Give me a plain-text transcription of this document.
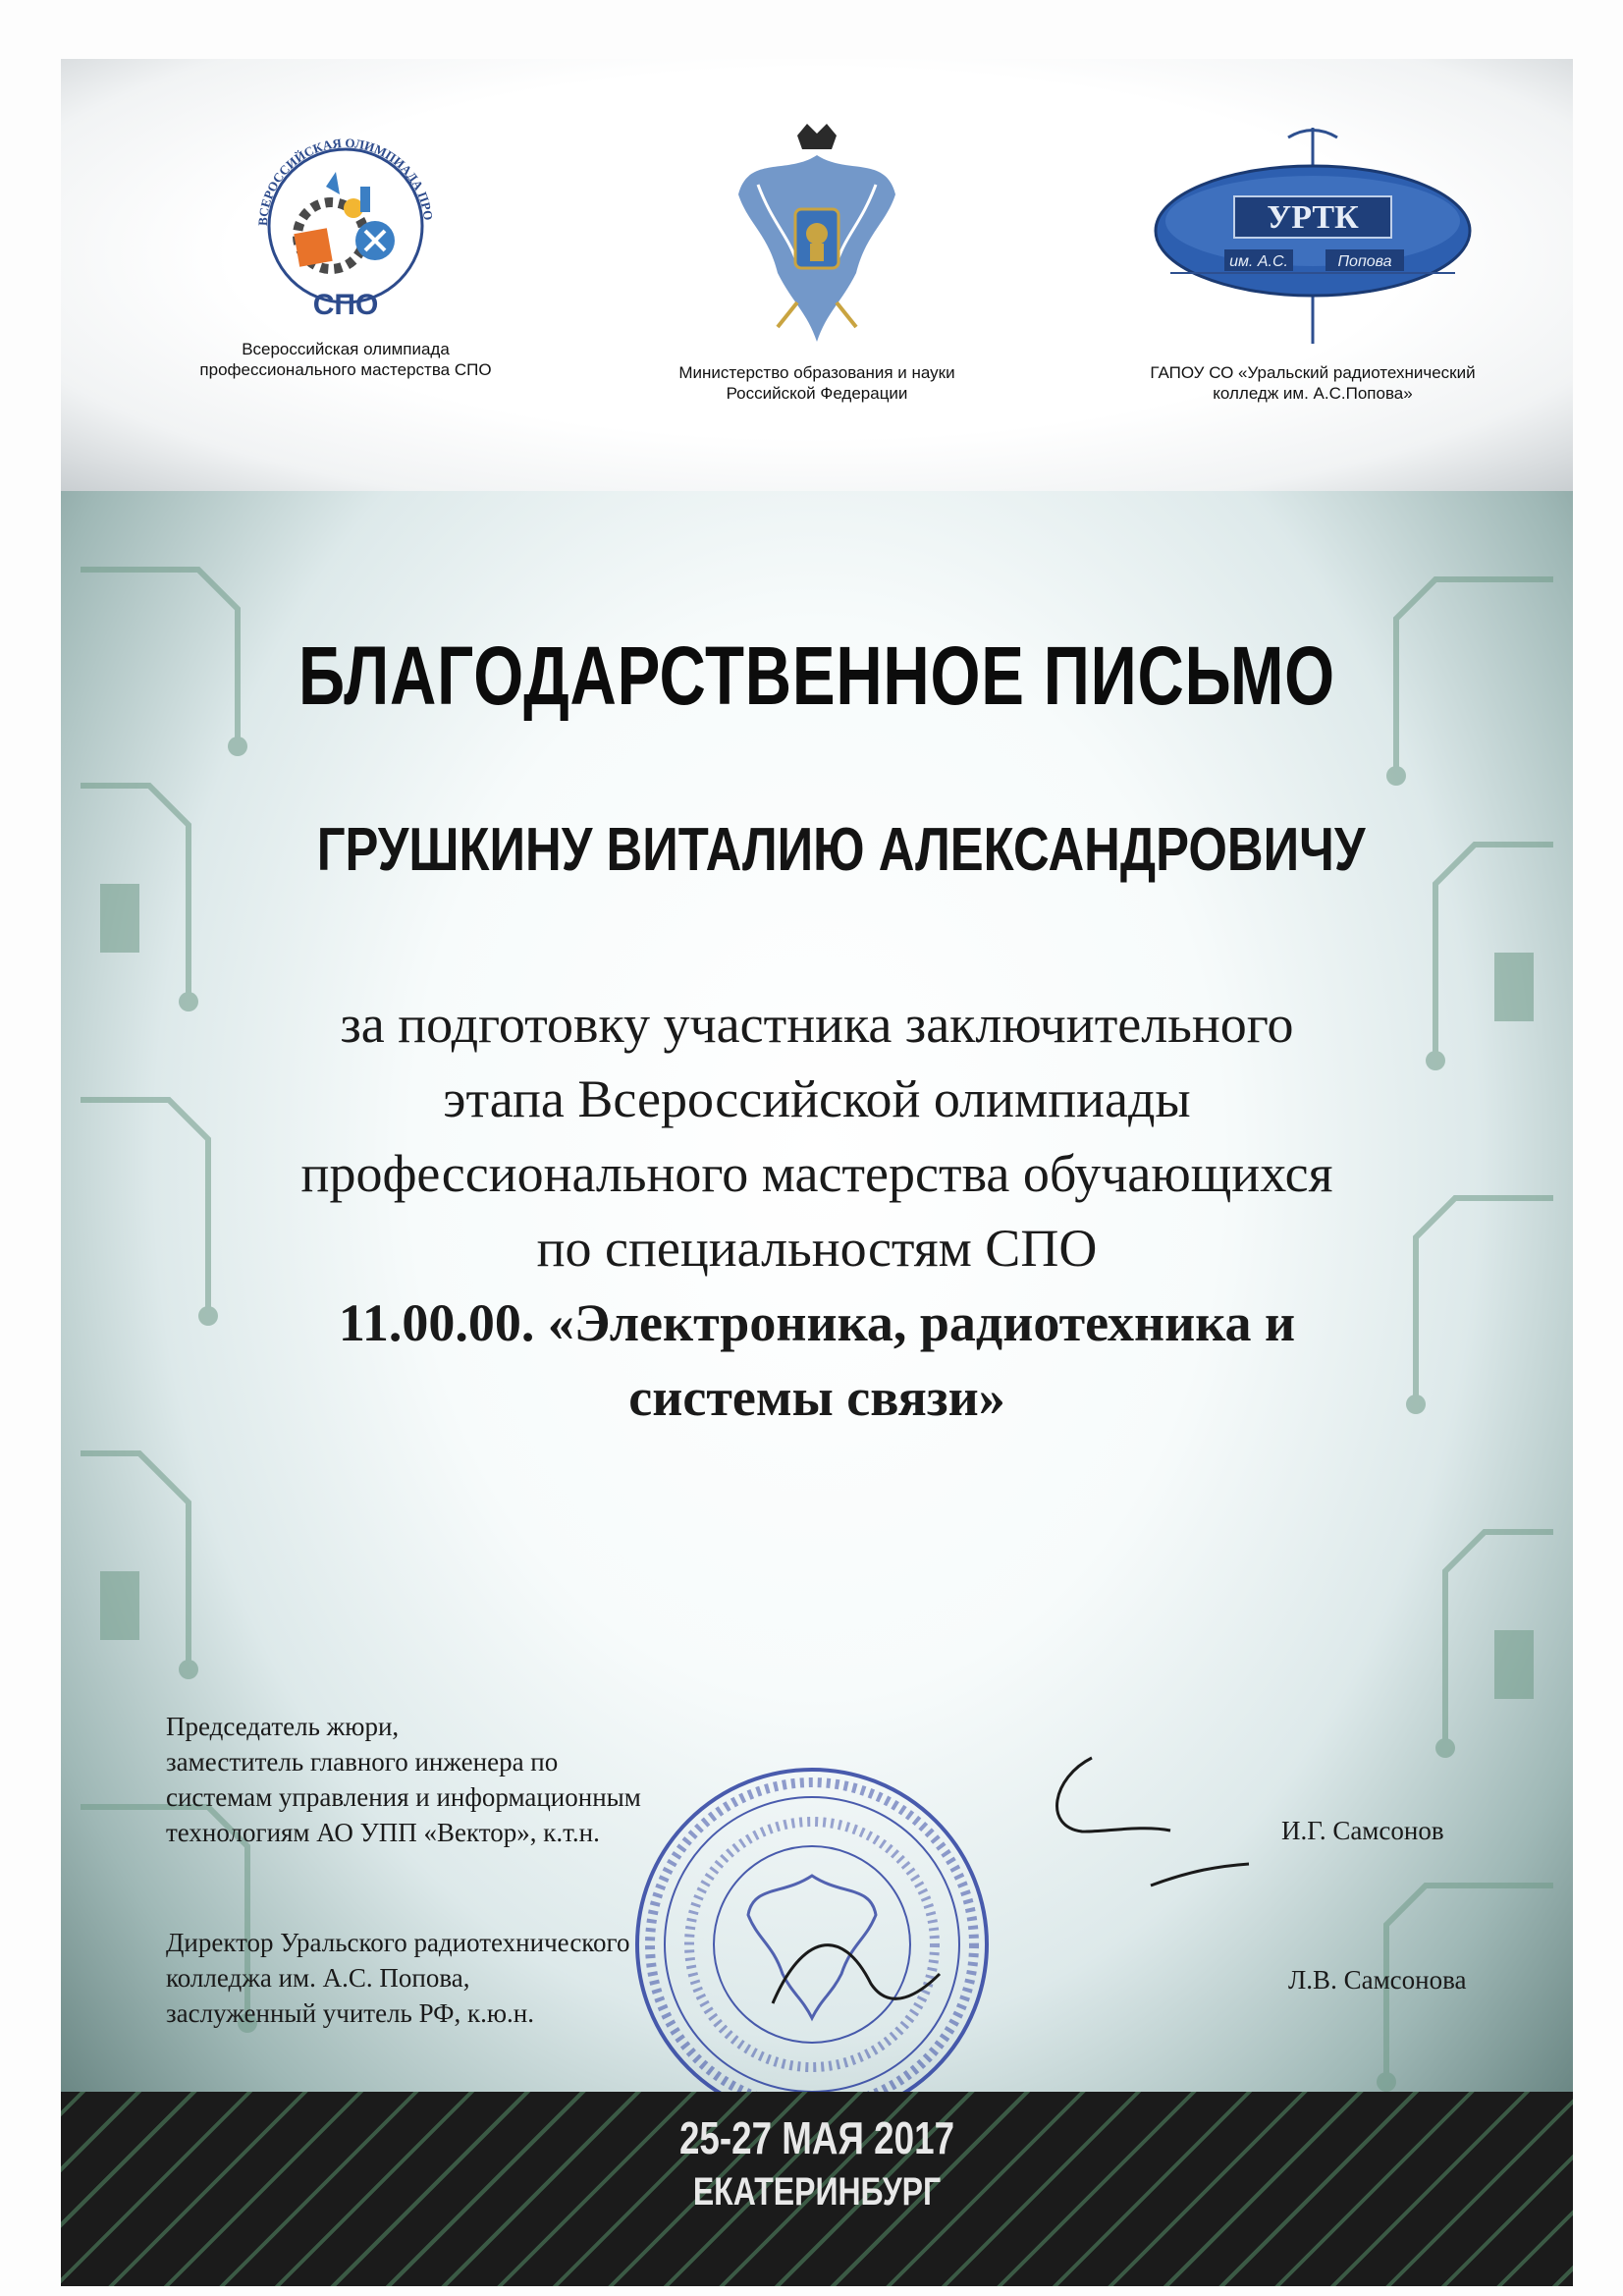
ВСЕРОССИЙСКАЯ ОЛИМПИАДА ПРО
СПО
Всероссийская олимпиада
профессионального мастерства СПО	Министерство образования и науки
Российской Федерации
УРТК
им. А.С.	Попова
ГАПОУ СО «Уральский радиотехнический
колледж им. А.С.Попова»
БЛАГОДАРСТВЕННОЕ ПИСЬМО
ГРУШКИНУ ВИТАЛИЮ АЛЕКСАНДРОВИЧУ
за подготовку участника заключительного
этапа Всероссийской олимпиады
профессионального мастерства обучающихся
по специальностям СПО
11.00.00. «Электроника, радиотехника и
системы связи»
Председатель жюри,
заместитель главного инженера по
системам управления и информационным
технологиям АО УПП «Вектор», к.т.н.	И.Г. Самсонов
Директор Уральского радиотехнического
колледжа им. А.С. Попова,
заслуженный учитель РФ, к.ю.н.
Л.В. Самсонова
25-27 МАЯ 2017
ЕКАТЕРИНБУРГ
